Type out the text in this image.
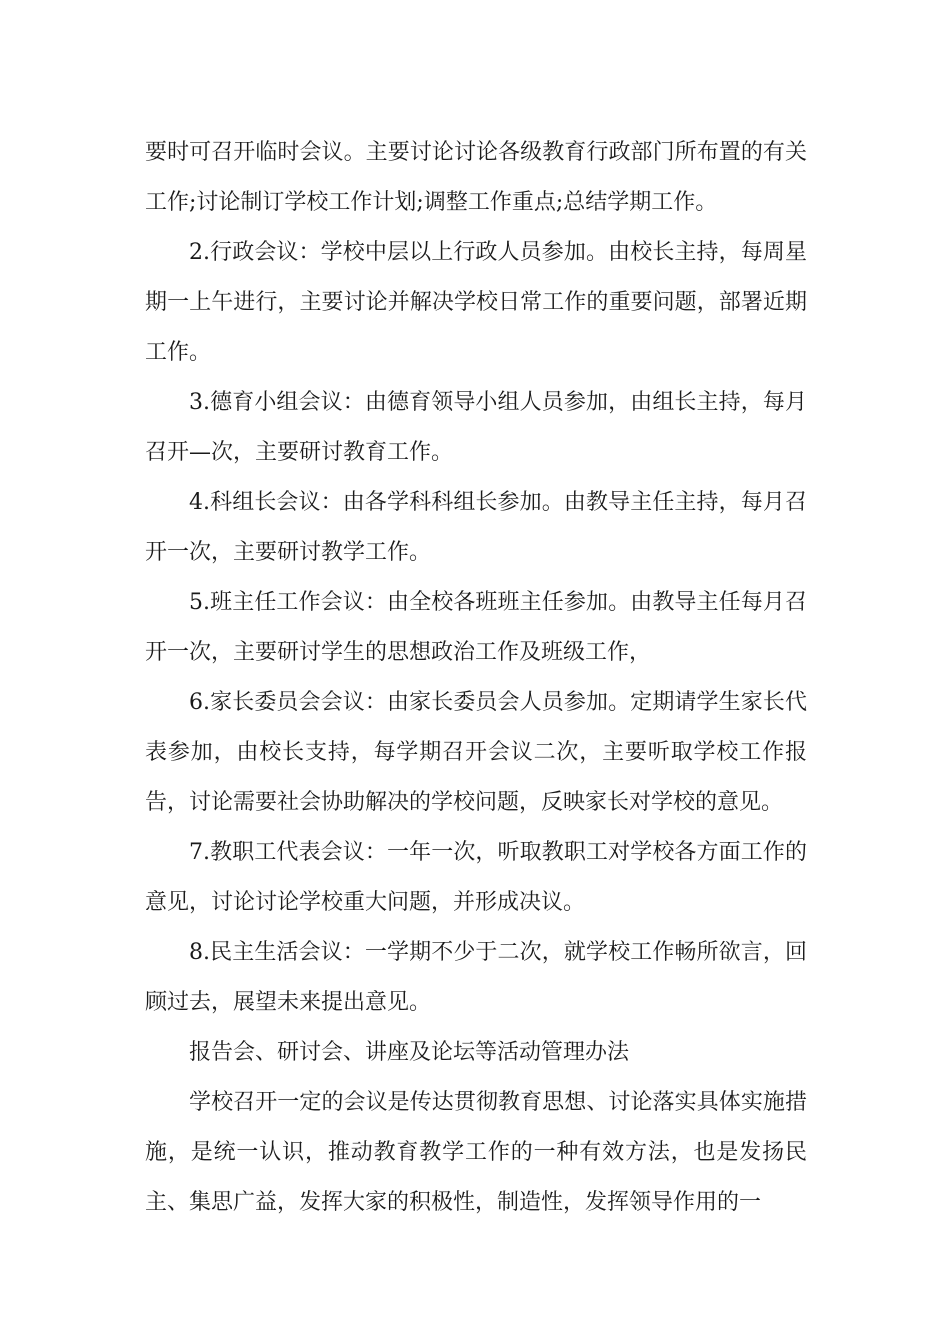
要时可召开临时会议。主要讨论讨论各级教育行政部门所布置的有关工作;讨论制订学校工作计划;调整工作重点;总结学期工作。

2.行政会议：学校中层以上行政人员参加。由校长主持，每周星期一上午进行，主要讨论并解决学校日常工作的重要问题，部署近期工作。

3.德育小组会议：由德育领导小组人员参加，由组长主持，每月召开—次，主要研讨教育工作。

4.科组长会议：由各学科科组长参加。由教导主任主持，每月召开一次，主要研讨教学工作。

5.班主任工作会议：由全校各班班主任参加。由教导主任每月召开一次，主要研讨学生的思想政治工作及班级工作，

6.家长委员会会议：由家长委员会人员参加。定期请学生家长代表参加，由校长支持，每学期召开会议二次，主要听取学校工作报告，讨论需要社会协助解决的学校问题，反映家长对学校的意见。

7.教职工代表会议：一年一次，听取教职工对学校各方面工作的意见，讨论讨论学校重大问题，并形成决议。

8.民主生活会议：一学期不少于二次，就学校工作畅所欲言，回顾过去，展望未来提出意见。

报告会、研讨会、讲座及论坛等活动管理办法

学校召开一定的会议是传达贯彻教育思想、讨论落实具体实施措施，是统一认识，推动教育教学工作的一种有效方法，也是发扬民主、集思广益，发挥大家的积极性，制造性，发挥领导作用的一
